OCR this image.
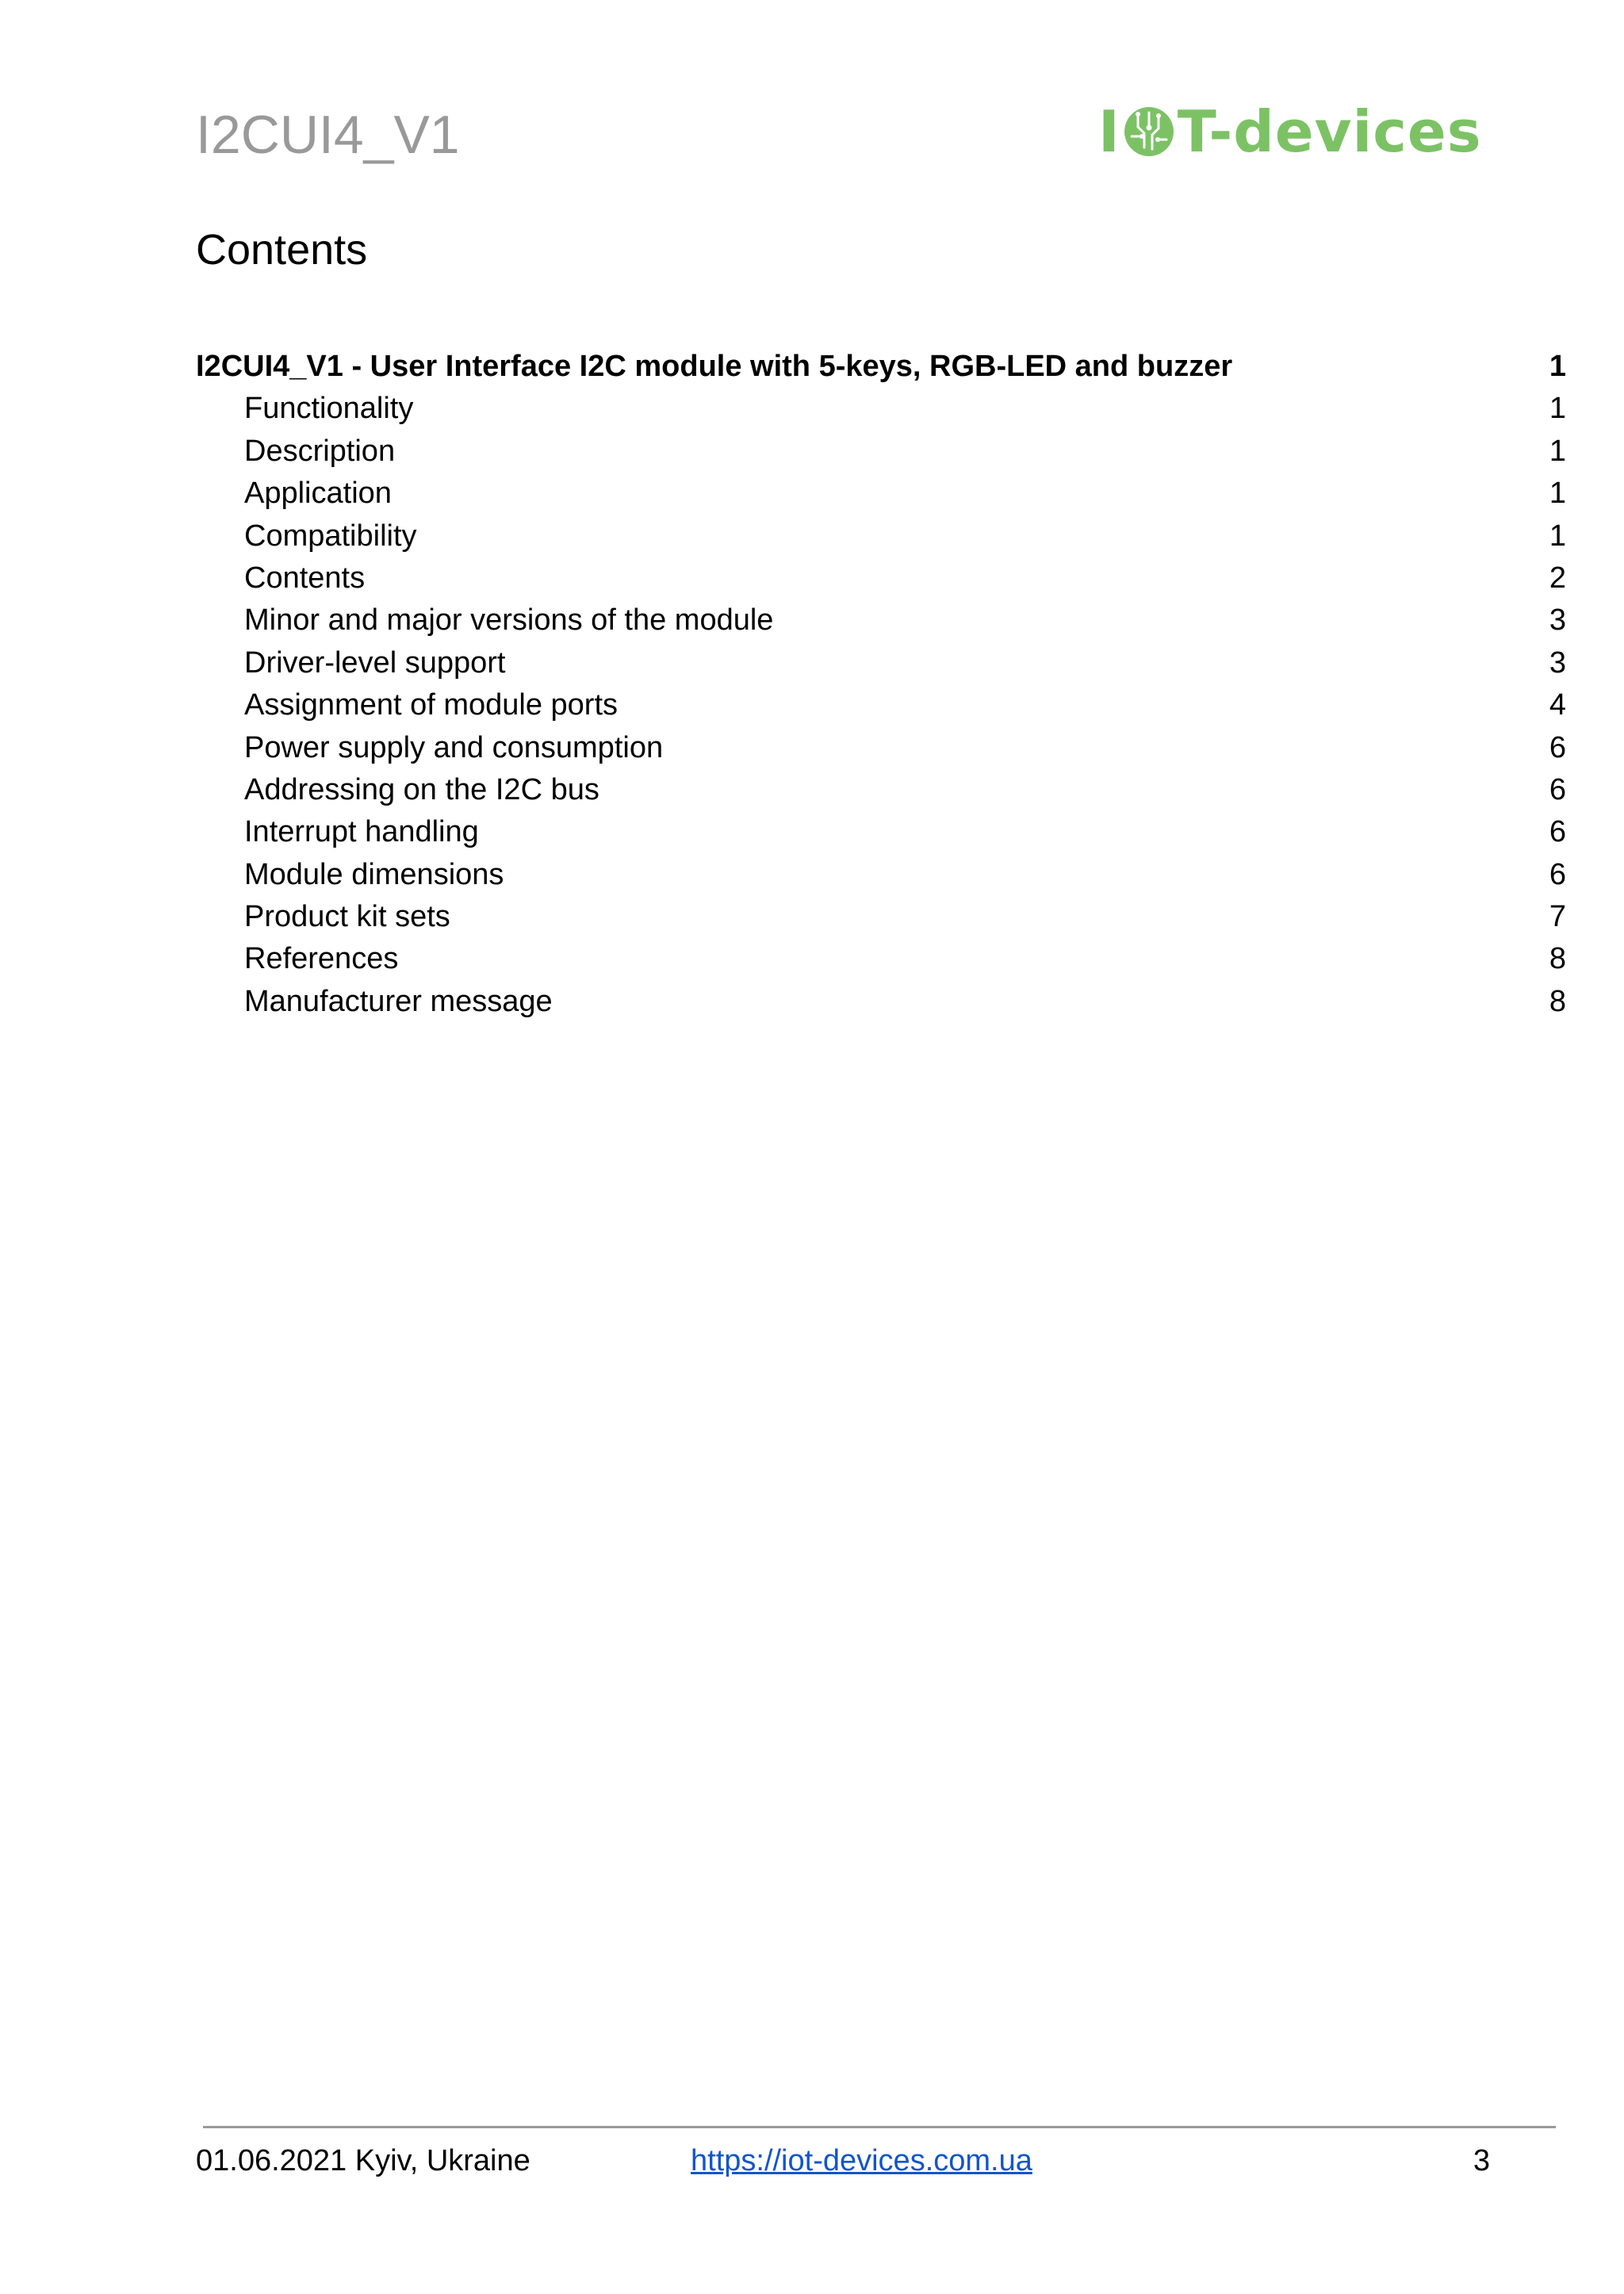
I2CUI4_V1	I T-devices
Contents
I2CUI4_V1 - User Interface I2C module with 5-keys, RGB-LED and buzzer	1
Functionality	1
Description	1
Application	1
Compatibility	1
Contents	2
Minor and major versions of the module	3
Driver-level support	3
Assignment of module ports	4
Power supply and consumption	6
Addressing on the I2C bus	6
Interrupt handling	6
Module dimensions	6
Product kit sets	7
References	8
Manufacturer message	8
01.06.2021 Kyiv, Ukraine	https://iot-devices.com.ua	3
